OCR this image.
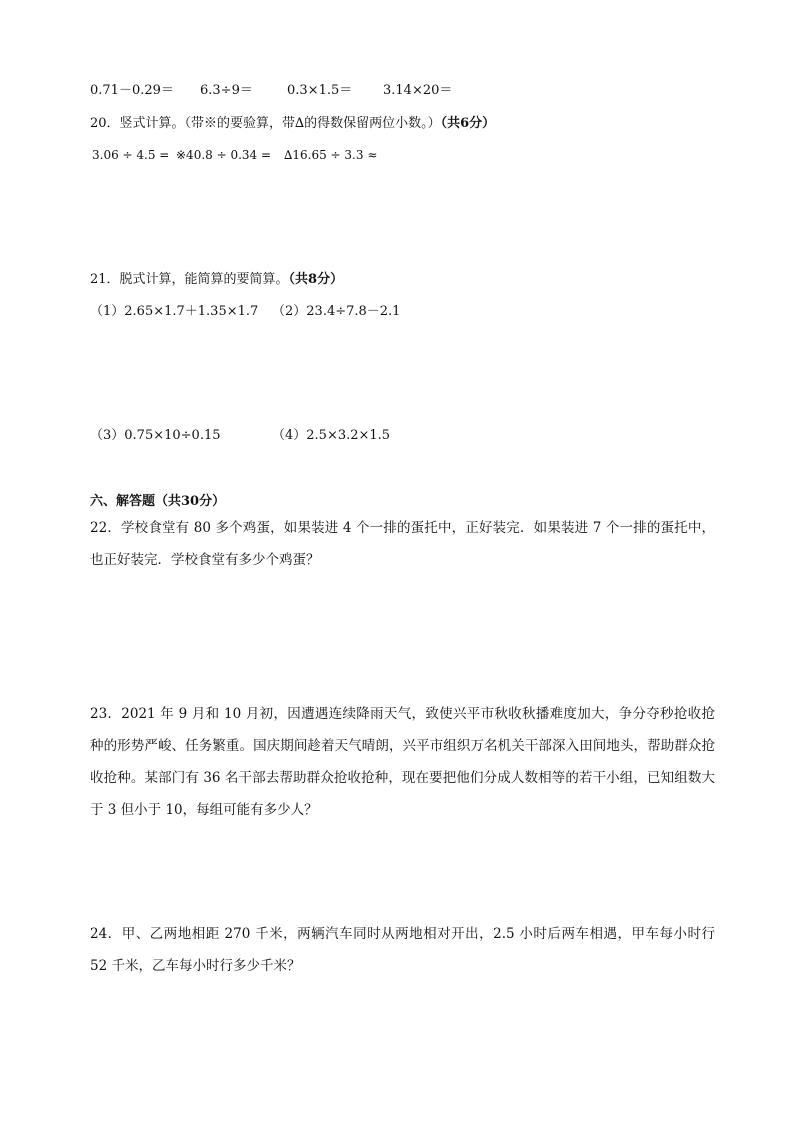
0.71－0.29＝ 6.3÷9＝	0.3×1.5＝ 3.14×20＝
20．竖式计算。（带※的要验算，带∆的得数保留两位小数。）（共6分）
3.06 ÷ 4.5 = ※40.8 ÷ 0.34 = ∆16.65 ÷ 3.3 ≈
21．脱式计算，能简算的要简算。（共8分）
（1）2.65×1.7＋1.35×1.7 （2）23.4÷7.8－2.1
（3）0.75×10÷0.15	（4）2.5×3.2×1.5
六、解答题（共30分）
22．学校食堂有 80 多个鸡蛋，如果装进 4 个一排的蛋托中，正好装完．如果装进 7 个一排的蛋托中，也正好装完．学校食堂有多少个鸡蛋？
23．2021 年 9 月和 10 月初，因遭遇连续降雨天气，致使兴平市秋收秋播难度加大，争分夺秒抢收抢种的形势严峻、任务繁重。国庆期间趁着天气晴朗，兴平市组织万名机关干部深入田间地头，帮助群众抢收抢种。某部门有 36 名干部去帮助群众抢收抢种，现在要把他们分成人数相等的若干小组，已知组数大于 3 但小于 10，每组可能有多少人？
24．甲、乙两地相距 270 千米，两辆汽车同时从两地相对开出，2.5 小时后两车相遇，甲车每小时行 52 千米，乙车每小时行多少千米？
